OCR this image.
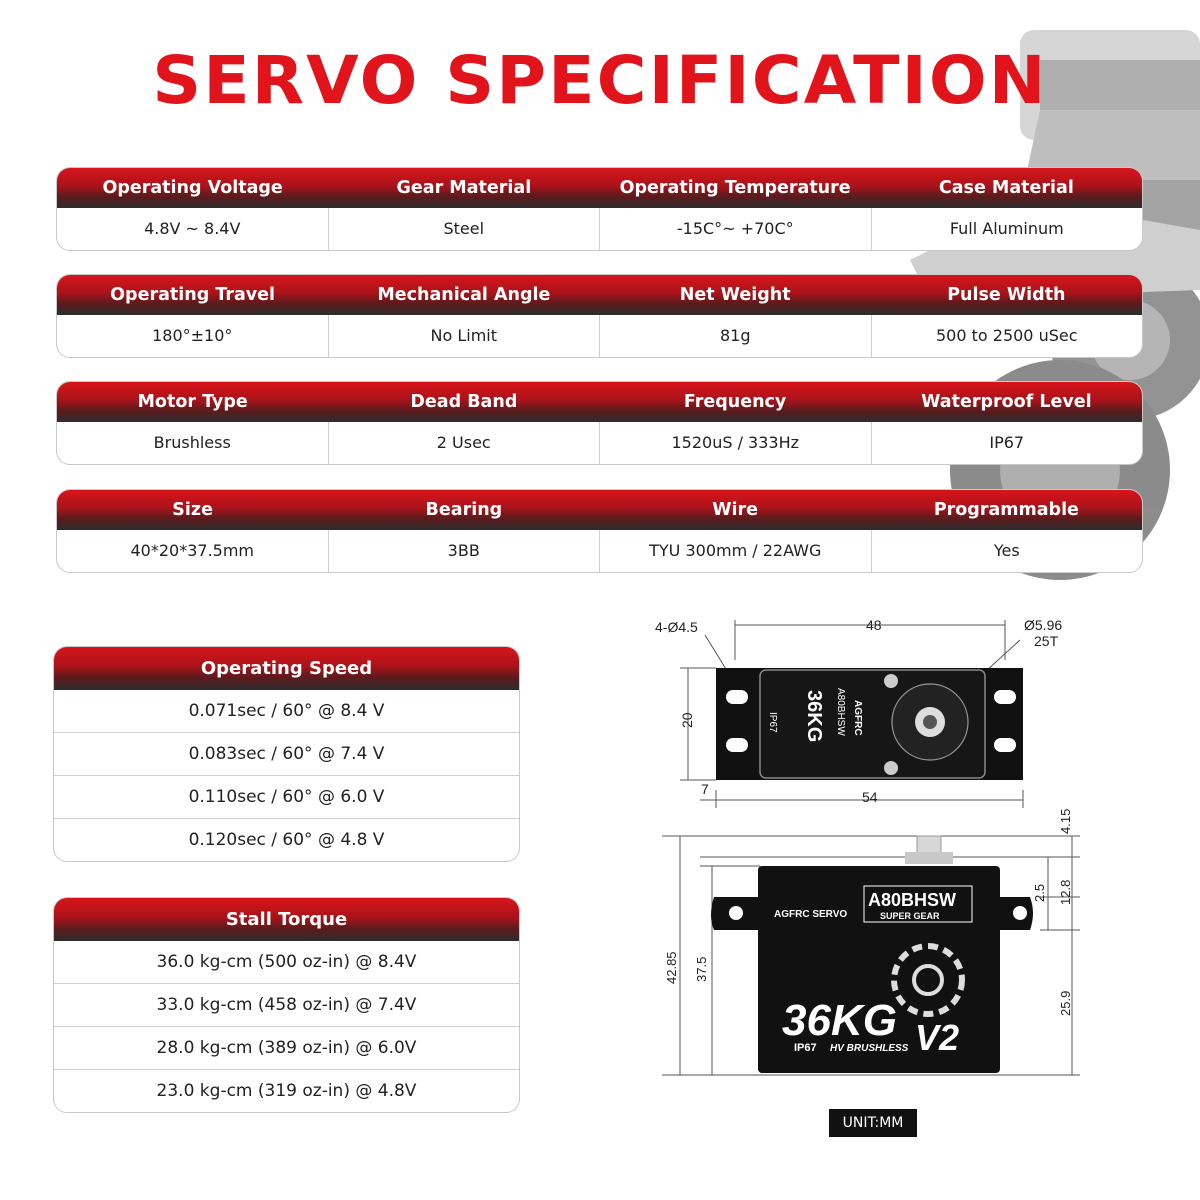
SERVO SPECIFICATION
Operating Voltage	Gear Material	Operating Temperature	Case Material
4.8V ~ 8.4V	Steel	-15C°~ +70C°	Full Aluminum
Operating Travel	Mechanical Angle	Net Weight	Pulse Width
180°±10°	No Limit	81g	500 to 2500 uSec
Motor Type	Dead Band	Frequency	Waterproof Level
Brushless	2 Usec	1520uS / 333Hz	IP67
Size	Bearing	Wire	Programmable
40*20*37.5mm	3BB	TYU 300mm / 22AWG	Yes
Operating Speed
0.071sec / 60° @ 8.4 V
0.083sec / 60° @ 7.4 V
0.110sec / 60° @ 6.0 V
0.120sec / 60° @ 4.8 V
Stall Torque
36.0 kg-cm (500 oz-in) @ 8.4V
33.0 kg-cm (458 oz-in) @ 7.4V
28.0 kg-cm (389 oz-in) @ 6.0V
23.0 kg-cm (319 oz-in) @ 4.8V
4-Ø4.5	48	Ø5.96
25T
20
7	54
AGFRC
A80BHSW
36KG
IP67
AGFRC SERVO
A80BHSW
SUPER GEAR
36KG V2
IP67 HV BRUSHLESS
4.15
2.5 12.8
42.85 37.5
25.9
UNIT:MM
